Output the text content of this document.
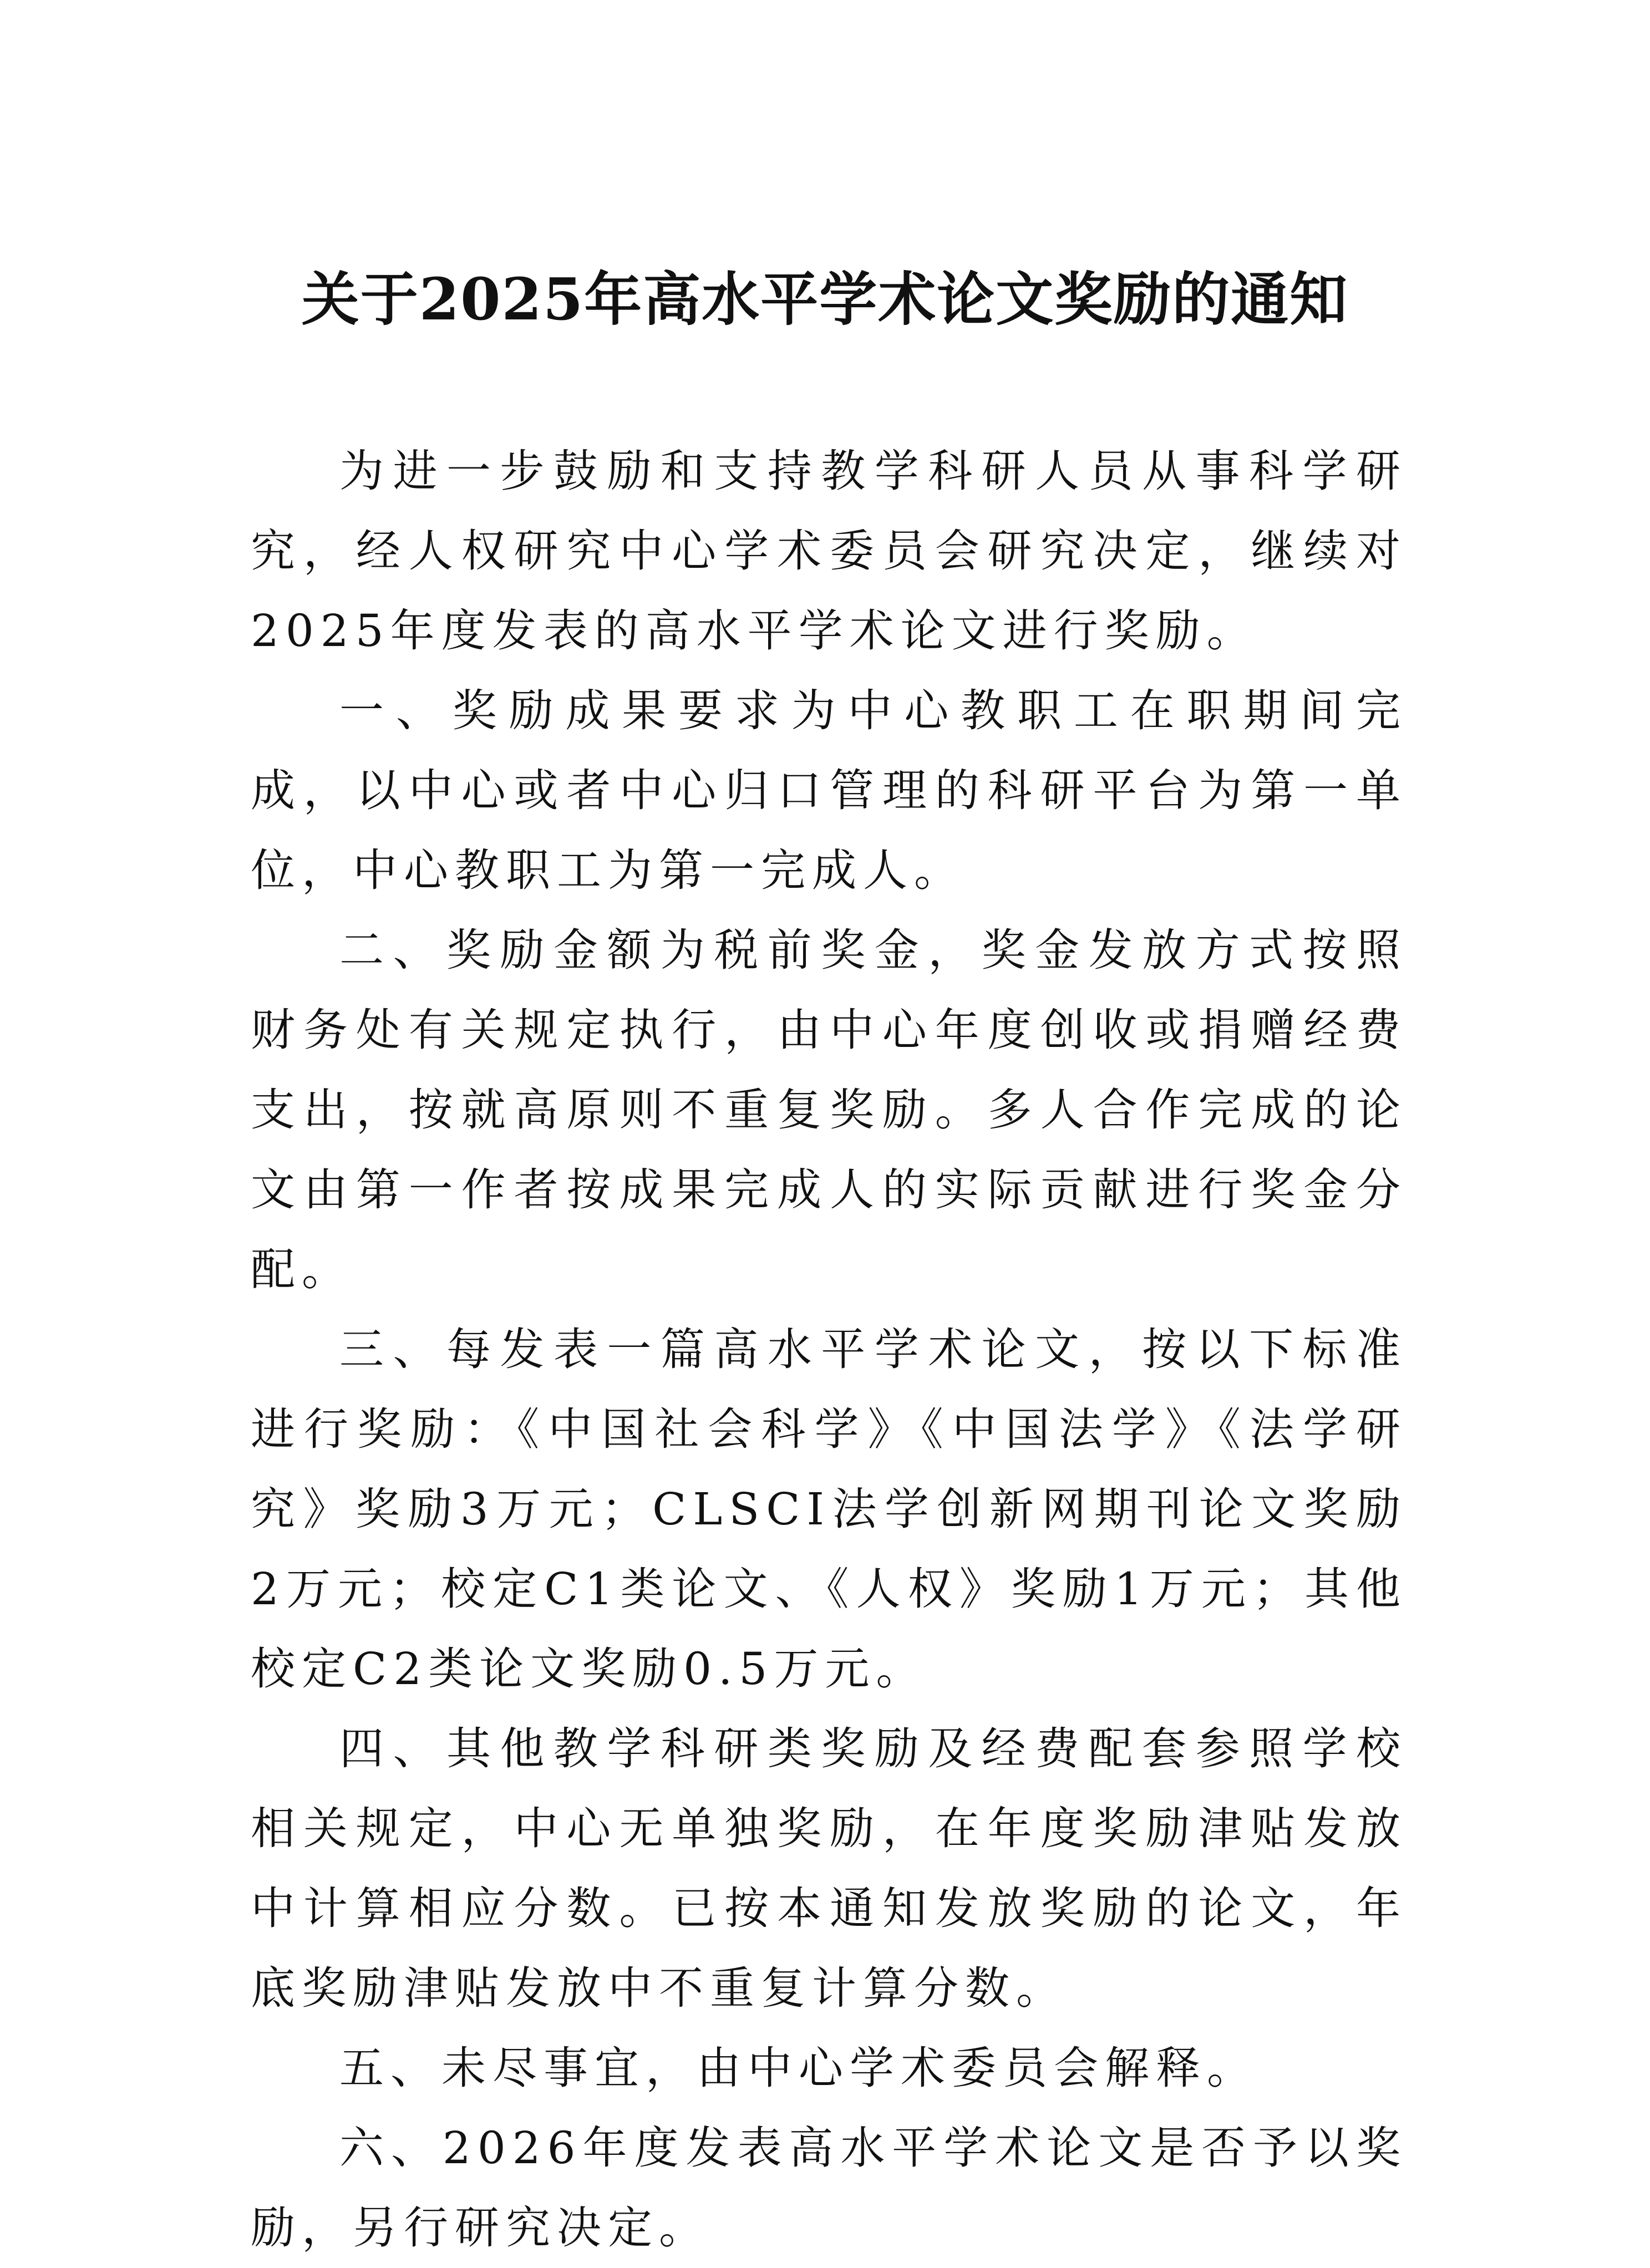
关于2025年高水平学术论文奖励的通知

为进一步鼓励和支持教学科研人员从事科学研究，经人权研究中心学术委员会研究决定，继续对2025年度发表的高水平学术论文进行奖励。

一、奖励成果要求为中心教职工在职期间完成，以中心或者中心归口管理的科研平台为第一单位，中心教职工为第一完成人。

二、奖励金额为税前奖金，奖金发放方式按照财务处有关规定执行，由中心年度创收或捐赠经费支出，按就高原则不重复奖励。多人合作完成的论文由第一作者按成果完成人的实际贡献进行奖金分配。

三、每发表一篇高水平学术论文，按以下标准进行奖励：《中国社会科学》《中国法学》《法学研究》奖励3万元；CLSCI法学创新网期刊论文奖励2万元；校定C1类论文、《人权》奖励1万元；其他校定C2类论文奖励0.5万元。

四、其他教学科研类奖励及经费配套参照学校相关规定，中心无单独奖励，在年度奖励津贴发放中计算相应分数。已按本通知发放奖励的论文，年底奖励津贴发放中不重复计算分数。

五、未尽事宜，由中心学术委员会解释。

六、2026年度发表高水平学术论文是否予以奖励，另行研究决定。
